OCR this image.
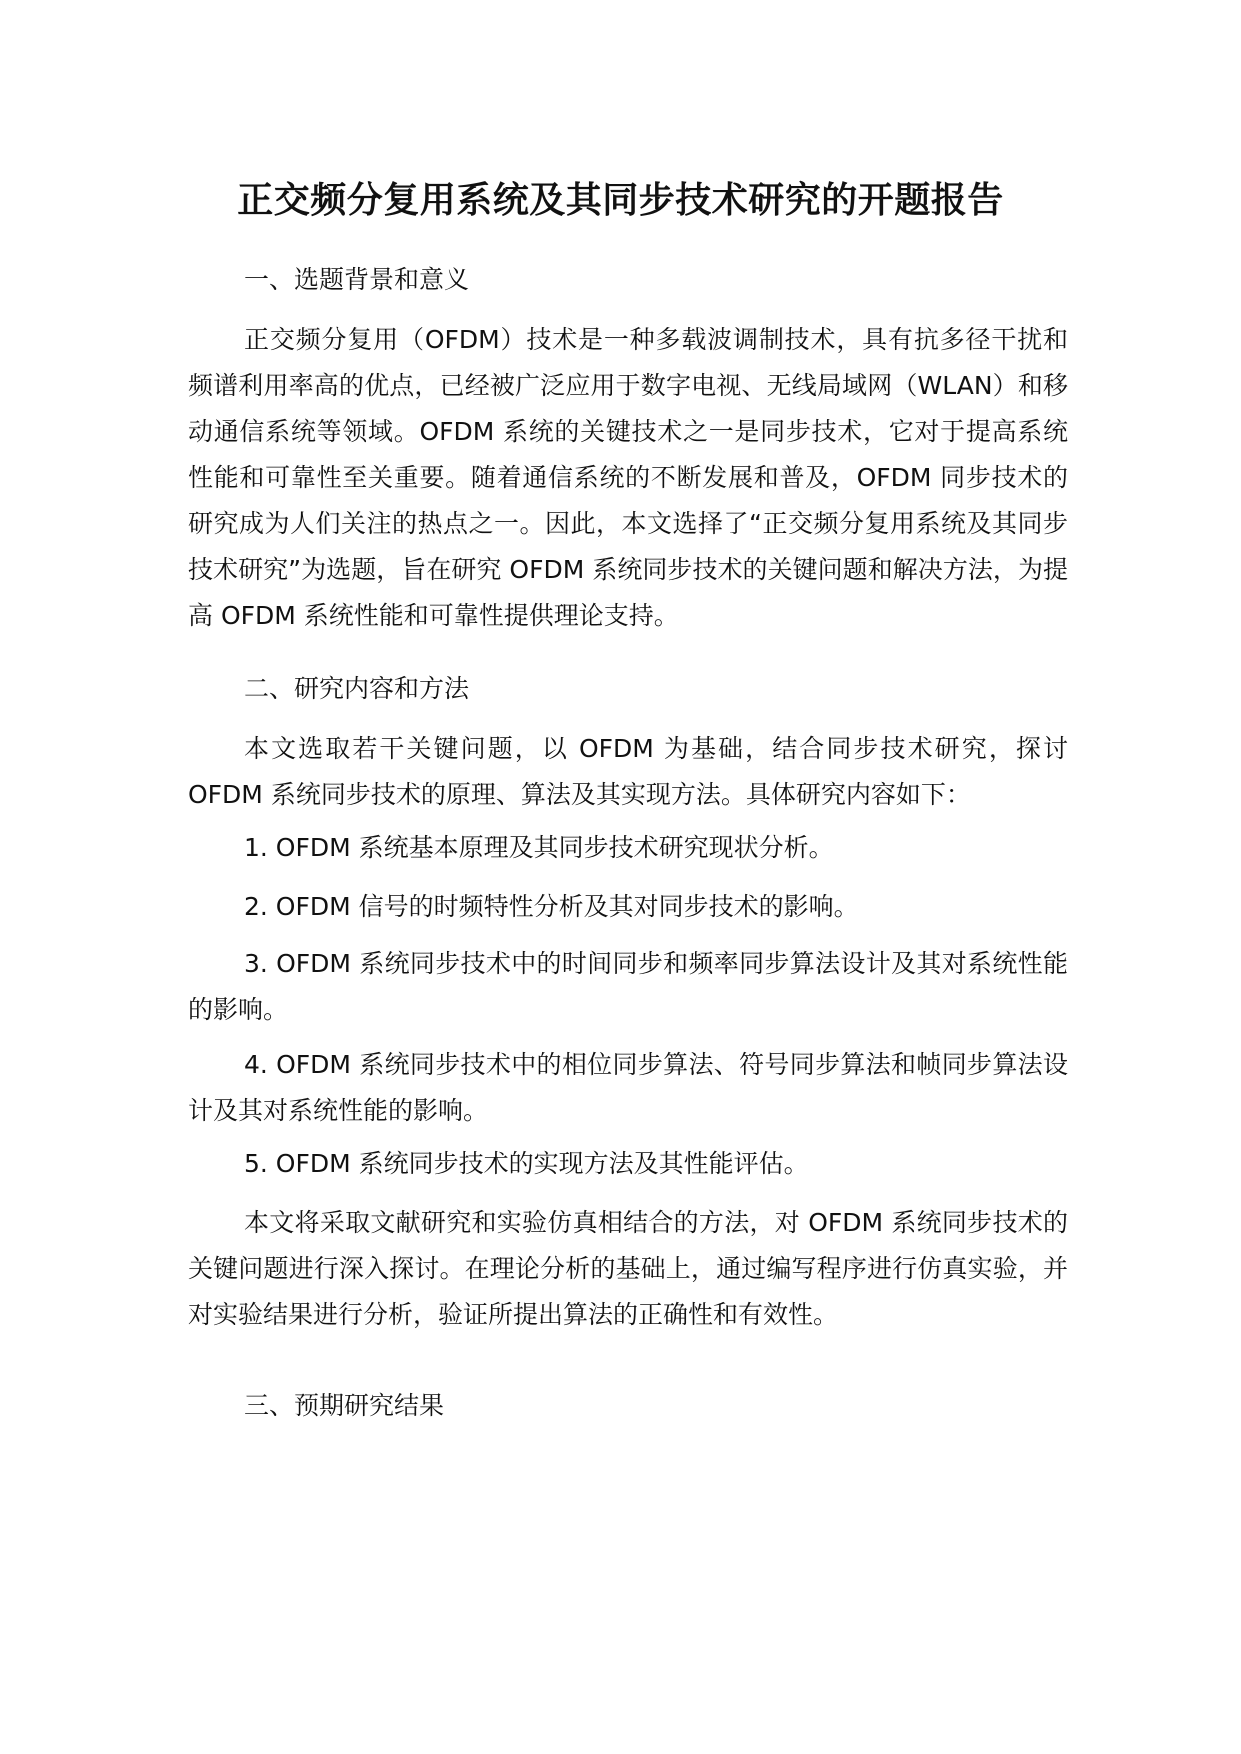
正交频分复用系统及其同步技术研究的开题报告
一、选题背景和意义
正交频分复用（OFDM）技术是一种多载波调制技术，具有抗多径干扰和频谱利用率高的优点，已经被广泛应用于数字电视、无线局域网（WLAN）和移动通信系统等领域。OFDM 系统的关键技术之一是同步技术，它对于提高系统性能和可靠性至关重要。随着通信系统的不断发展和普及，OFDM 同步技术的研究成为人们关注的热点之一。因此，本文选择了“正交频分复用系统及其同步技术研究”为选题，旨在研究 OFDM 系统同步技术的关键问题和解决方法，为提高 OFDM 系统性能和可靠性提供理论支持。
二、研究内容和方法
本文选取若干关键问题，以 OFDM 为基础，结合同步技术研究，探讨 OFDM 系统同步技术的原理、算法及其实现方法。具体研究内容如下：
1. OFDM 系统基本原理及其同步技术研究现状分析。
2. OFDM 信号的时频特性分析及其对同步技术的影响。
3. OFDM 系统同步技术中的时间同步和频率同步算法设计及其对系统性能的影响。
4. OFDM 系统同步技术中的相位同步算法、符号同步算法和帧同步算法设计及其对系统性能的影响。
5. OFDM 系统同步技术的实现方法及其性能评估。
本文将采取文献研究和实验仿真相结合的方法，对 OFDM 系统同步技术的关键问题进行深入探讨。在理论分析的基础上，通过编写程序进行仿真实验，并对实验结果进行分析，验证所提出算法的正确性和有效性。
三、预期研究结果
